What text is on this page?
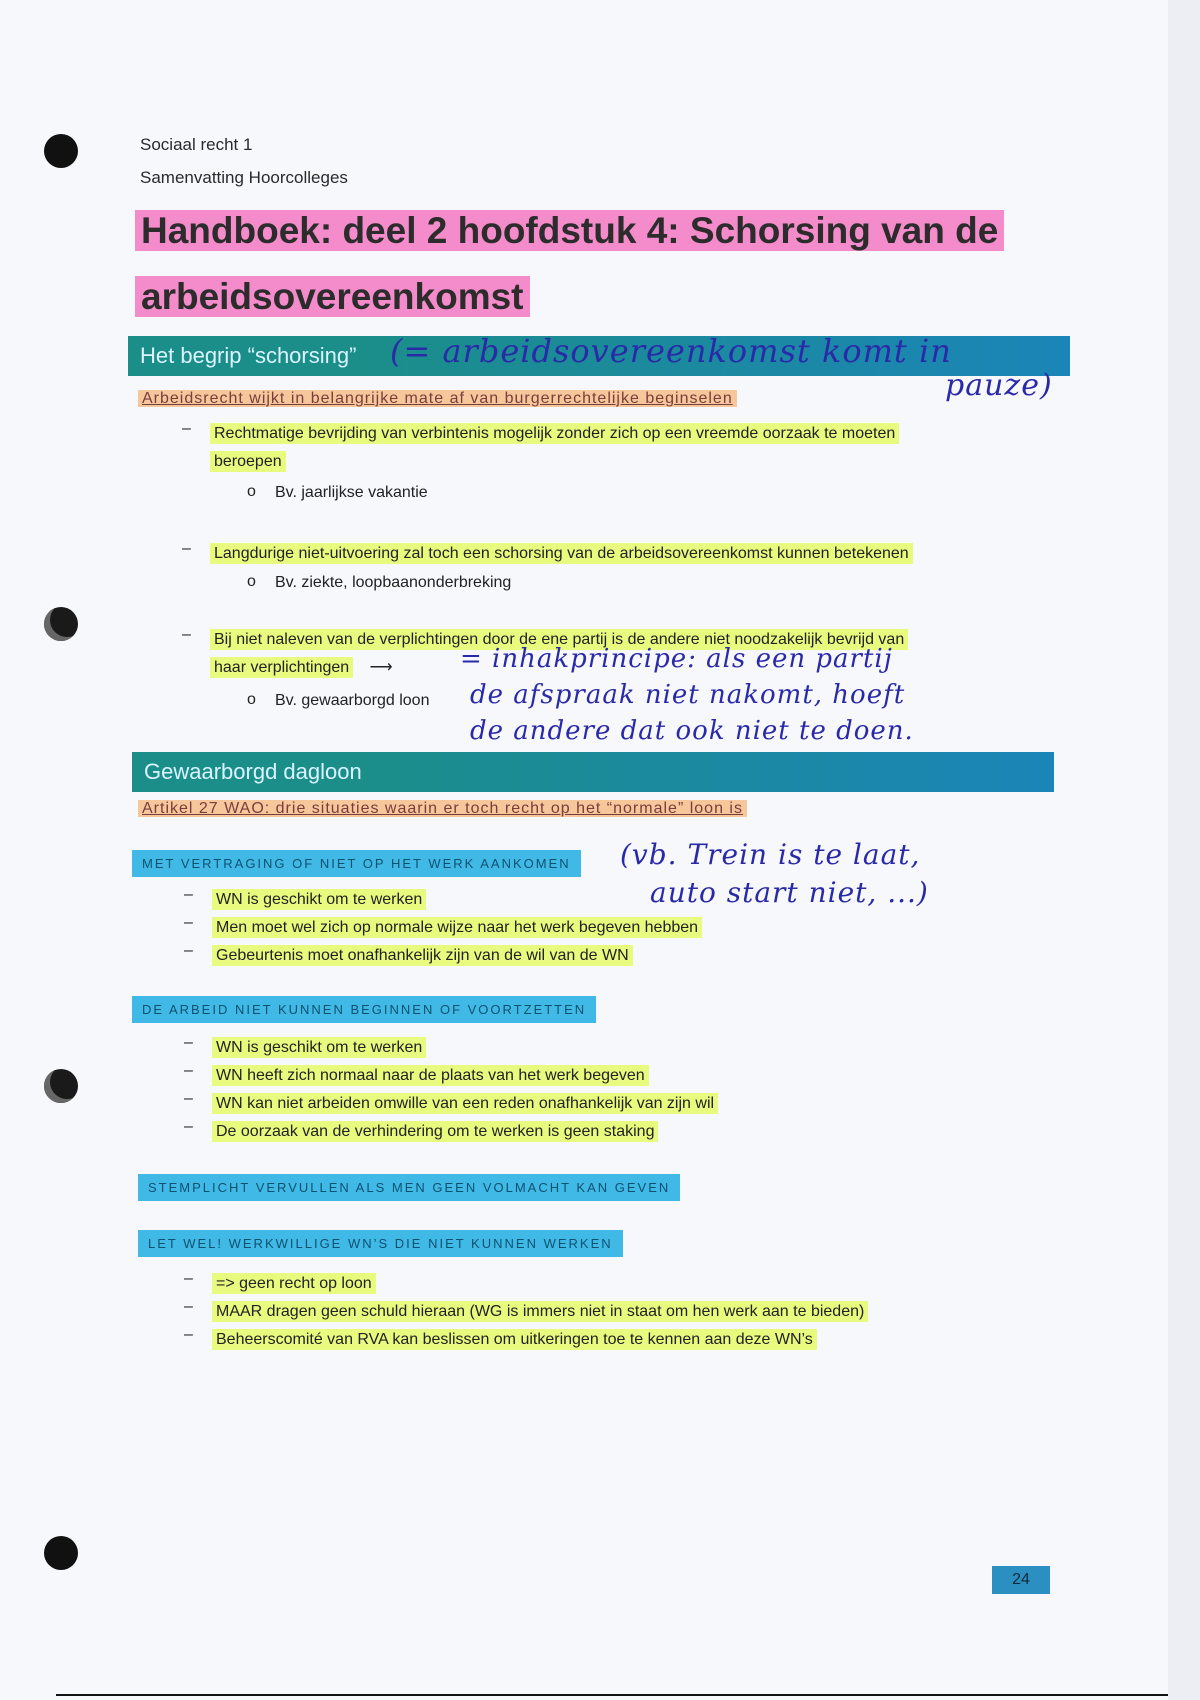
Sociaal recht 1
Samenvatting Hoorcolleges
Handboek: deel 2 hoofdstuk 4: Schorsing van de
arbeidsovereenkomst
Het begrip “schorsing”	(= arbeidsovereenkomst komt in
pauze)
Arbeidsrecht wijkt in belangrijke mate af van burgerrechtelijke beginselen
– Rechtmatige bevrijding van verbintenis mogelijk zonder zich op een vreemde oorzaak te moeten
beroepen
o Bv. jaarlijkse vakantie
– Langdurige niet-uitvoering zal toch een schorsing van de arbeidsovereenkomst kunnen betekenen
o Bv. ziekte, loopbaanonderbreking
– Bij niet naleven van de verplichtingen door de ene partij is de andere niet noodzakelijk bevrijd van
haar verplichtingen ⟶
o Bv. gewaarborgd loon
= inhakprincipe: als een partij
de afspraak niet nakomt, hoeft
de andere dat ook niet te doen.
Gewaarborgd dagloon
Artikel 27 WAO: drie situaties waarin er toch recht op het “normale” loon is
MET VERTRAGING OF NIET OP HET WERK AANKOMEN	(vb. Trein is te laat,
auto start niet, ...)
– WN is geschikt om te werken
– Men moet wel zich op normale wijze naar het werk begeven hebben
– Gebeurtenis moet onafhankelijk zijn van de wil van de WN
DE ARBEID NIET KUNNEN BEGINNEN OF VOORTZETTEN
– WN is geschikt om te werken
– WN heeft zich normaal naar de plaats van het werk begeven
– WN kan niet arbeiden omwille van een reden onafhankelijk van zijn wil
– De oorzaak van de verhindering om te werken is geen staking
STEMPLICHT VERVULLEN ALS MEN GEEN VOLMACHT KAN GEVEN
LET WEL! WERKWILLIGE WN’S DIE NIET KUNNEN WERKEN
– => geen recht op loon
– MAAR dragen geen schuld hieraan (WG is immers niet in staat om hen werk aan te bieden)
– Beheerscomité van RVA kan beslissen om uitkeringen toe te kennen aan deze WN’s
24
